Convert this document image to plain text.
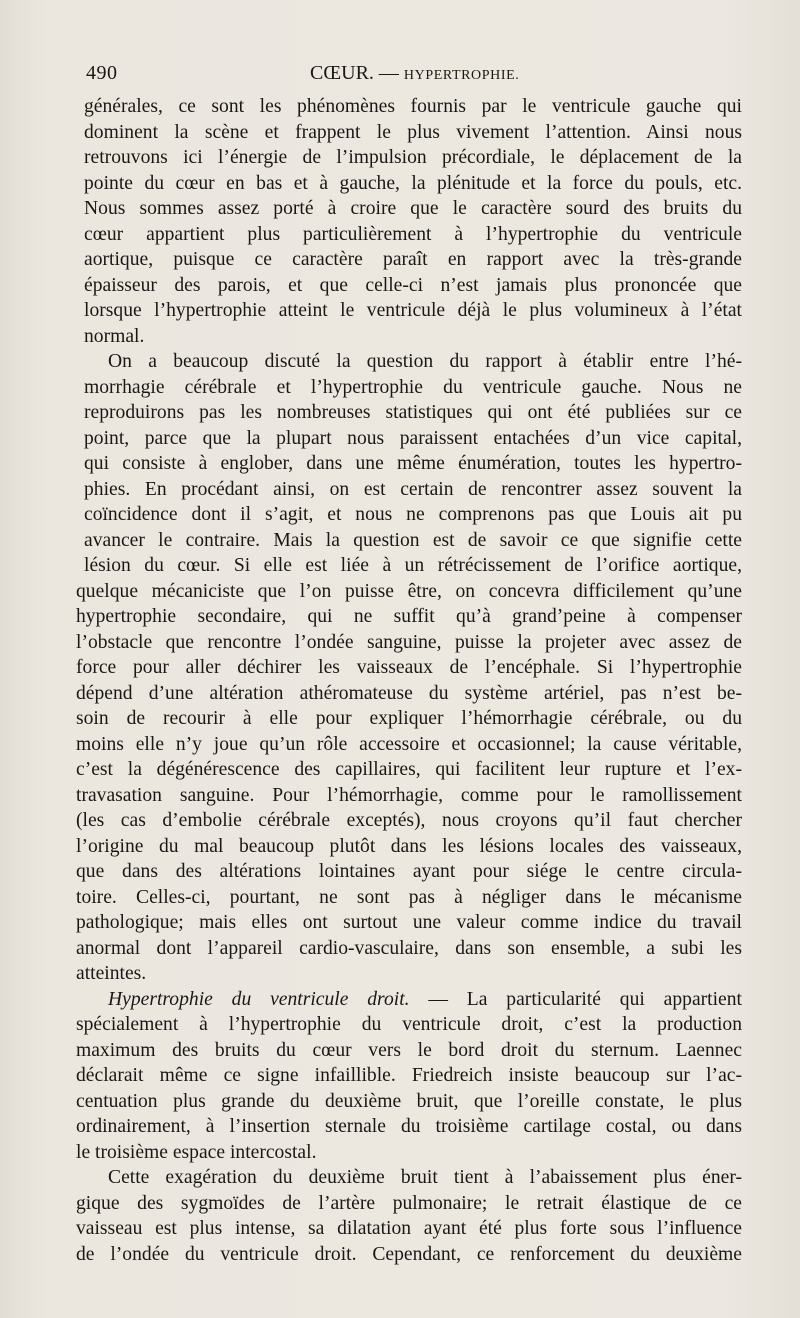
490	CŒUR. — HYPERTROPHIE.
générales, ce sont les phénomènes fournis par le ventricule gauche qui
dominent la scène et frappent le plus vivement l’attention. Ainsi nous
retrouvons ici l’énergie de l’impulsion précordiale, le déplacement de la
pointe du cœur en bas et à gauche, la plénitude et la force du pouls, etc.
Nous sommes assez porté à croire que le caractère sourd des bruits du
cœur appartient plus particulièrement à l’hypertrophie du ventricule
aortique, puisque ce caractère paraît en rapport avec la très-grande
épaisseur des parois, et que celle-ci n’est jamais plus prononcée que
lorsque l’hypertrophie atteint le ventricule déjà le plus volumineux à l’état
normal.
On a beaucoup discuté la question du rapport à établir entre l’hé-
morrhagie cérébrale et l’hypertrophie du ventricule gauche. Nous ne
reproduirons pas les nombreuses statistiques qui ont été publiées sur ce
point, parce que la plupart nous paraissent entachées d’un vice capital,
qui consiste à englober, dans une même énumération, toutes les hypertro-
phies. En procédant ainsi, on est certain de rencontrer assez souvent la
coïncidence dont il s’agit, et nous ne comprenons pas que Louis ait pu
avancer le contraire. Mais la question est de savoir ce que signifie cette
lésion du cœur. Si elle est liée à un rétrécissement de l’orifice aortique,
quelque mécaniciste que l’on puisse être, on concevra difficilement qu’une
hypertrophie secondaire, qui ne suffit qu’à grand’peine à compenser
l’obstacle que rencontre l’ondée sanguine, puisse la projeter avec assez de
force pour aller déchirer les vaisseaux de l’encéphale. Si l’hypertrophie
dépend d’une altération athéromateuse du système artériel, pas n’est be-
soin de recourir à elle pour expliquer l’hémorrhagie cérébrale, ou du
moins elle n’y joue qu’un rôle accessoire et occasionnel; la cause véritable,
c’est la dégénérescence des capillaires, qui facilitent leur rupture et l’ex-
travasation sanguine. Pour l’hémorrhagie, comme pour le ramollissement
(les cas d’embolie cérébrale exceptés), nous croyons qu’il faut chercher
l’origine du mal beaucoup plutôt dans les lésions locales des vaisseaux,
que dans des altérations lointaines ayant pour siége le centre circula-
toire. Celles-ci, pourtant, ne sont pas à négliger dans le mécanisme
pathologique; mais elles ont surtout une valeur comme indice du travail
anormal dont l’appareil cardio-vasculaire, dans son ensemble, a subi les
atteintes.
Hypertrophie du ventricule droit. — La particularité qui appartient
spécialement à l’hypertrophie du ventricule droit, c’est la production
maximum des bruits du cœur vers le bord droit du sternum. Laennec
déclarait même ce signe infaillible. Friedreich insiste beaucoup sur l’ac-
centuation plus grande du deuxième bruit, que l’oreille constate, le plus
ordinairement, à l’insertion sternale du troisième cartilage costal, ou dans
le troisième espace intercostal.
Cette exagération du deuxième bruit tient à l’abaissement plus éner-
gique des sygmoïdes de l’artère pulmonaire; le retrait élastique de ce
vaisseau est plus intense, sa dilatation ayant été plus forte sous l’influence
de l’ondée du ventricule droit. Cependant, ce renforcement du deuxième
